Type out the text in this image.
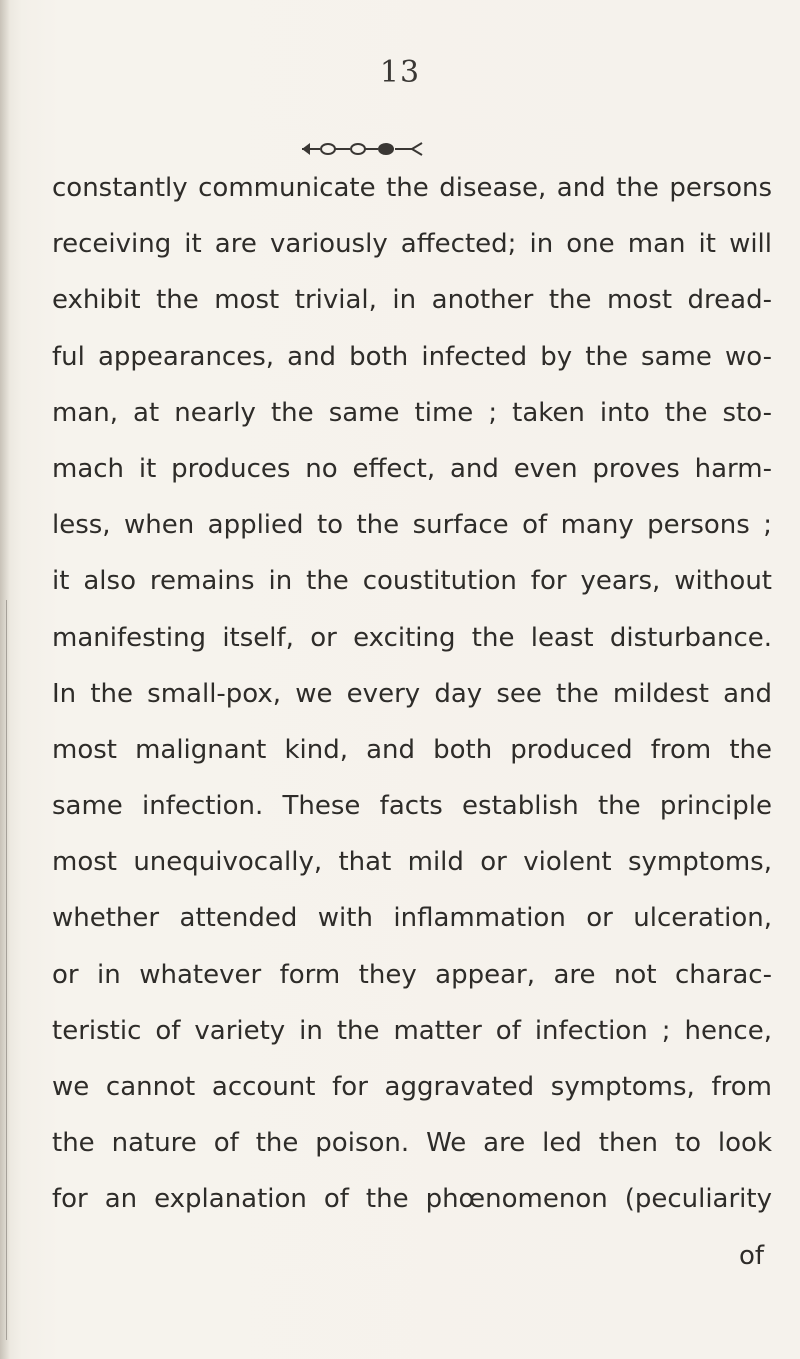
13
constantly communicate the disease, and the persons
receiving it are variously affected; in one man it will
exhibit the most trivial, in another the most dread-
ful appearances, and both infected by the same wo-
man, at nearly the same time ; taken into the sto-
mach it produces no effect, and even proves harm-
less, when applied to the surface of many persons ;
it also remains in the coustitution for years, without
manifesting itself, or exciting the least disturbance.
In the small-pox, we every day see the mildest and
most malignant kind, and both produced from the
same infection. These facts establish the principle
most unequivocally, that mild or violent symptoms,
whether attended with inflammation or ulceration,
or in whatever form they appear, are not charac-
teristic of variety in the matter of infection ; hence,
we cannot account for aggravated symptoms, from
the nature of the poison. We are led then to look
for an explanation of the phœnomenon (peculiarity
of
